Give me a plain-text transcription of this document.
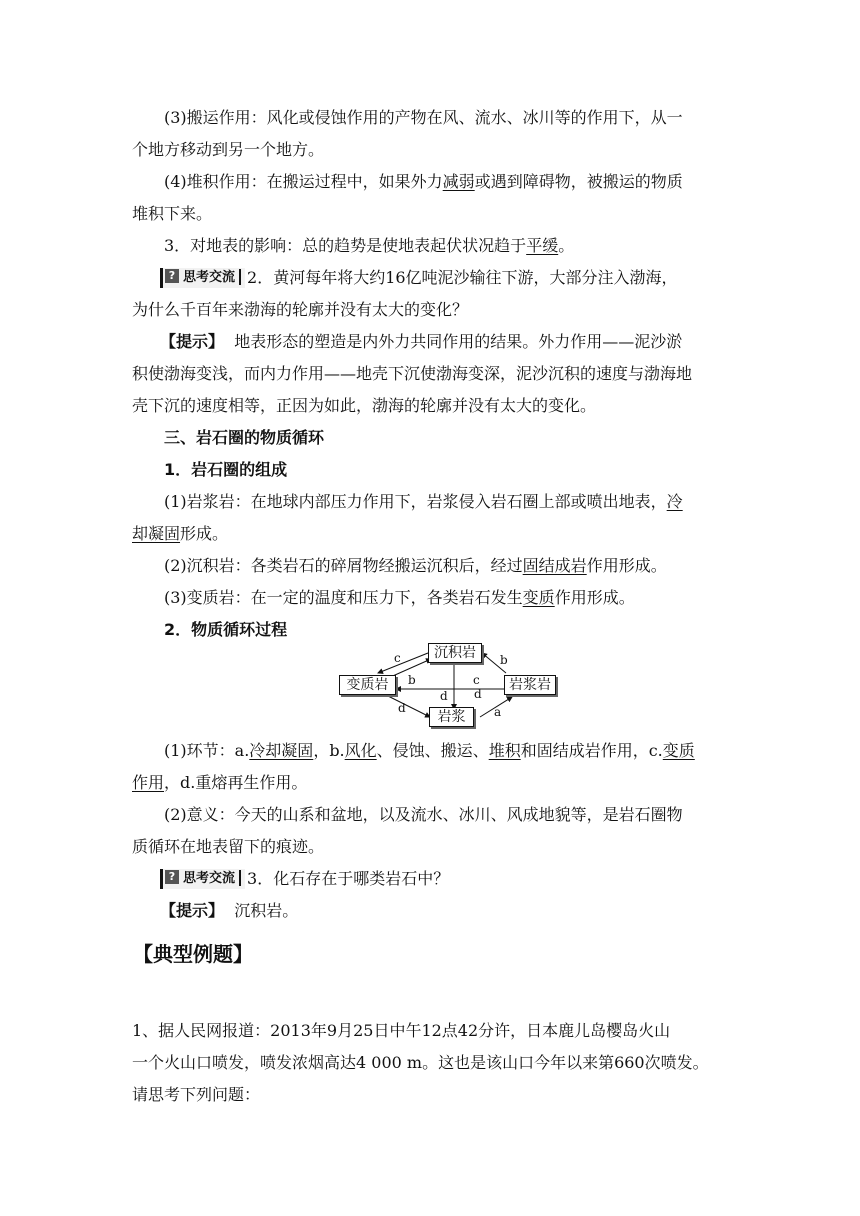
(3)搬运作用：风化或侵蚀作用的产物在风、流水、冰川等的作用下，从一
个地方移动到另一个地方。
(4)堆积作用：在搬运过程中，如果外力减弱或遇到障碍物，被搬运的物质
堆积下来。
3．对地表的影响：总的趋势是使地表起伏状况趋于平缓。
? 思考交流 2．黄河每年将大约16亿吨泥沙输往下游，大部分注入渤海，
为什么千百年来渤海的轮廓并没有太大的变化？
【提示】 地表形态的塑造是内外力共同作用的结果。外力作用——泥沙淤
积使渤海变浅，而内力作用——地壳下沉使渤海变深，泥沙沉积的速度与渤海地
壳下沉的速度相等，正因为如此，渤海的轮廓并没有太大的变化。
三、岩石圈的物质循环
1．岩石圈的组成
(1)岩浆岩：在地球内部压力作用下，岩浆侵入岩石圈上部或喷出地表，冷
却凝固形成。
(2)沉积岩：各类岩石的碎屑物经搬运沉积后，经过固结成岩作用形成。
(3)变质岩：在一定的温度和压力下，各类岩石发生变质作用形成。
2．物质循环过程
沉积岩
变质岩	岩浆岩
岩浆
c
b
b
c
d d
d	a
(1)环节：a.冷却凝固，b.风化、侵蚀、搬运、堆积和固结成岩作用，c.变质
作用，d.重熔再生作用。
(2)意义：今天的山系和盆地，以及流水、冰川、风成地貌等，是岩石圈物
质循环在地表留下的痕迹。
? 思考交流 3．化石存在于哪类岩石中？
【提示】 沉积岩。
【典型例题】
1、据人民网报道：2013年9月25日中午12点42分许，日本鹿儿岛樱岛火山
一个火山口喷发，喷发浓烟高达4 000 m。这也是该山口今年以来第660次喷发。
请思考下列问题：
